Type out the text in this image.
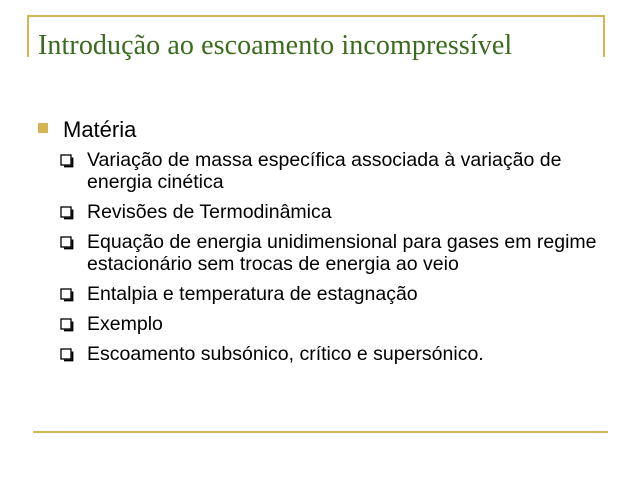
Introdução ao escoamento incompressível
Matéria
Variação de massa específica associada à variação de energia cinética
Revisões de Termodinâmica
Equação de energia unidimensional para gases em regime estacionário sem trocas de energia ao veio
Entalpia e temperatura de estagnação
Exemplo
Escoamento subsónico, crítico e supersónico.
